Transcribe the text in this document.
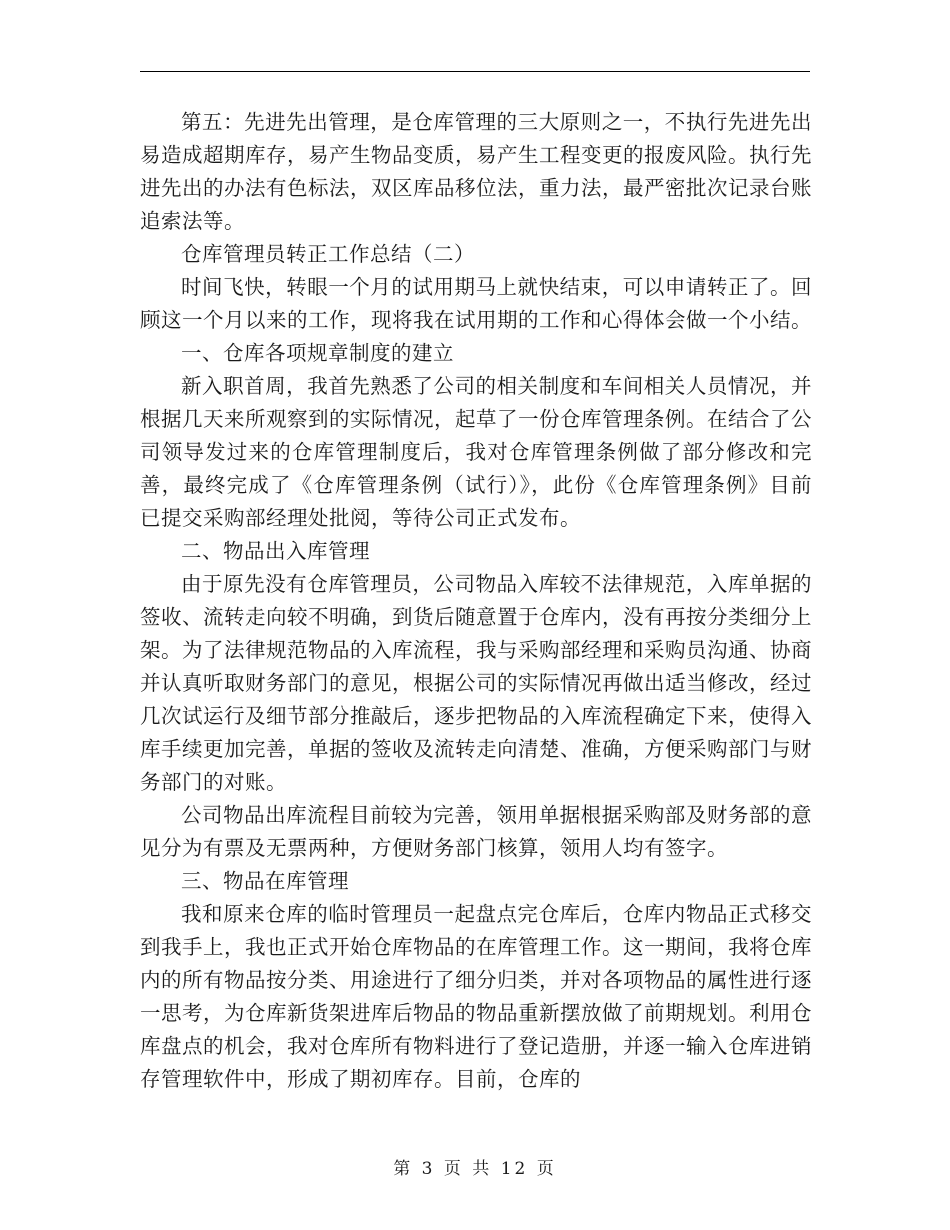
第五：先进先出管理，是仓库管理的三大原则之一，不执行先进先出易造成超期库存，易产生物品变质，易产生工程变更的报废风险。执行先进先出的办法有色标法，双区库品移位法，重力法，最严密批次记录台账追索法等。

仓库管理员转正工作总结（二）

时间飞快，转眼一个月的试用期马上就快结束，可以申请转正了。回顾这一个月以来的工作，现将我在试用期的工作和心得体会做一个小结。

一、仓库各项规章制度的建立

新入职首周，我首先熟悉了公司的相关制度和车间相关人员情况，并根据几天来所观察到的实际情况，起草了一份仓库管理条例。在结合了公司领导发过来的仓库管理制度后，我对仓库管理条例做了部分修改和完善，最终完成了《仓库管理条例（试行）》，此份《仓库管理条例》目前已提交采购部经理处批阅，等待公司正式发布。

二、物品出入库管理

由于原先没有仓库管理员，公司物品入库较不法律规范，入库单据的签收、流转走向较不明确，到货后随意置于仓库内，没有再按分类细分上架。为了法律规范物品的入库流程，我与采购部经理和采购员沟通、协商并认真听取财务部门的意见，根据公司的实际情况再做出适当修改，经过几次试运行及细节部分推敲后，逐步把物品的入库流程确定下来，使得入库手续更加完善，单据的签收及流转走向清楚、准确，方便采购部门与财务部门的对账。

公司物品出库流程目前较为完善，领用单据根据采购部及财务部的意见分为有票及无票两种，方便财务部门核算，领用人均有签字。

三、物品在库管理

我和原来仓库的临时管理员一起盘点完仓库后，仓库内物品正式移交到我手上，我也正式开始仓库物品的在库管理工作。这一期间，我将仓库内的所有物品按分类、用途进行了细分归类，并对各项物品的属性进行逐一思考，为仓库新货架进库后物品的物品重新摆放做了前期规划。利用仓库盘点的机会，我对仓库所有物料进行了登记造册，并逐一输入仓库进销存管理软件中，形成了期初库存。目前，仓库的

第 3 页 共 12 页
